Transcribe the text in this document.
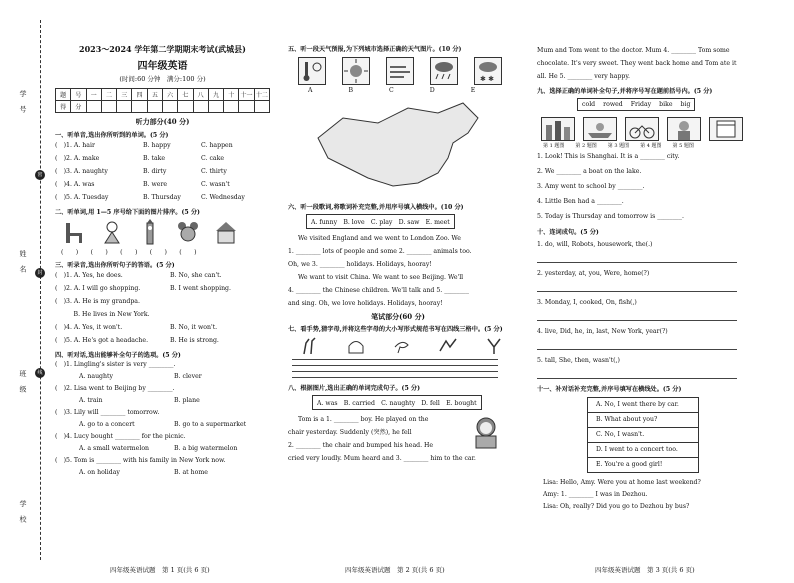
学 校
班 级
姓 名
学 号
密
封
线
2023～2024 学年第二学期期末考试(武城县)
四年级英语
(时间:60 分钟　满分:100 分)
题	号	一	二	三	四	五	六	七	八	九	十	十一	十二
得	分												
听力部分(40 分)
一、听单音,选出你所听到的单词。(5 分)
(　)1. A. hair	B. happy	C. happen
(　)2. A. make	B. take	C. cake
(　)3. A. naughty	B. dirty	C. thirty
(　)4. A. was	B. were	C. wasn't
(　)5. A. Tuesday	B. Thursday	C. Wednesday
二、听单词,用 1—5 序号给下面的图片排序。(5 分)
(　　)　　(　　)　　(　　)　　(　　)　　(　　)
三、听录音,选出你所听句子的答语。(5 分)
(　)1. A. Yes, he does.	B. No, she can't.
(　)2. A. I will go shopping.	B. I went shopping.
(　)3. A. He is my grandpa.
　　　B. He lives in New York.
(　)4. A. Yes, it won't.	B. No, it won't.
(　)5. A. He's got a headache.	B. He is strong.
四、听对话,选出能够补全句子的选项。(5 分)
(　)1. Lingling's sister is very ________.
A. naughty	B. clever
(　)2. Lisa went to Beijing by ________.
A. train	B. plane
(　)3. Lily will ________ tomorrow.
A. go to a concert	B. go to a supermarket
(　)4. Lucy bought ________ for the picnic.
A. a small watermelon	B. a big watermelon
(　)5. Tom is ________ with his family in New York now.
A. on holiday	B. at home
四年级英语试题　第 1 页(共 6 页)
五、听一段天气预报,为下列城市选择正确的天气图片。(10 分)
✱ ✱
A	B	C	D	E
六、听一段歌词,将歌词补充完整,并用序号填入横线中。(10 分)
A. funny　B. love　C. play　D. saw　E. meet
We visited England and we went to London Zoo. We
1. ________ lots of people and some 2. ________ animals too.
Oh, we 3. ________ holidays. Holidays, hooray!
We want to visit China. We want to see Beijing. We'll
4. ________ the Chinese children. We'll talk and 5. ________
and sing. Oh, we love holidays. Holidays, hooray!
笔试部分(60 分)
七、看手势,猜字母,并将这些字母的大小写形式规范书写在四线三格中。(5 分)
八、根据图片,选出正确的单词完成句子。(5 分)
A. was　B. carried　C. naughty　D. fell　E. bought
Tom is a 1. ________ boy. He played on the
chair yesterday. Suddenly (突然), he fell
2. ________ the chair and bumped his head. He
cried very loudly. Mum heard and 3. ________ him to the car.
四年级英语试题　第 2 页(共 6 页)
Mum and Tom went to the doctor. Mum 4. ________ Tom some
chocolate. It's very sweet. They went back home and Tom ate it
all. He 5. ________ very happy.
九、选择正确的单词补全句子,并将序号写在题前括号内。(5 分)
cold rowed Friday bike big
第 1 题图 第 2 题图 第 3 题图 第 4 题图 第 5 题图
1. Look! This is Shanghai. It is a ________ city.
2. We ________ a boat on the lake.
3. Amy went to school by ________.
4. Little Ben had a ________.
5. Today is Thursday and tomorrow is ________.
十、连词成句。(5 分)
1. do, will, Robots, housework, the(.)
2. yesterday, at, you, Were, home(?)
3. Monday, I, cooked, On, fish(,)
4. live, Did, he, in, last, New York, year(?)
5. tall, She, then, wasn't(,)
十一、补对话补充完整,并序号填写在横线处。(5 分)
A. No, I went there by car.
B. What about you?
C. No, I wasn't.
D. I went to a concert too.
E. You're a good girl!
Lisa: Hello, Amy. Were you at home last weekend?
Amy: 1. ________ I was in Dezhou.
Lisa: Oh, really? Did you go to Dezhou by bus?
四年级英语试题　第 3 页(共 6 页)
